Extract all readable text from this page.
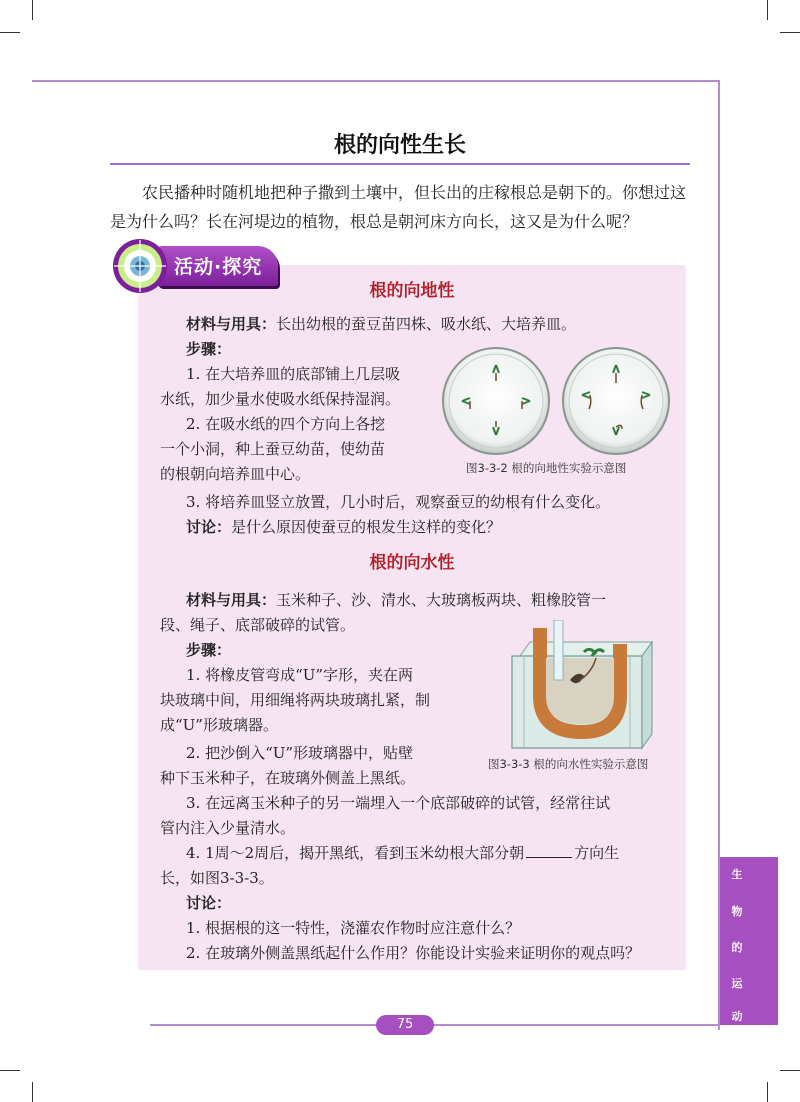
根的向性生长
农民播种时随机地把种子撒到土壤中，但长出的庄稼根总是朝下的。你想过这是为什么吗？长在河堤边的植物，根总是朝河床方向长，这又是为什么呢？
活动·探究
根的向地性
材料与用具：长出幼根的蚕豆苗四株、吸水纸、大培养皿。
步骤：
1. 在大培养皿的底部铺上几层吸
水纸，加少量水使吸水纸保持湿润。
2. 在吸水纸的四个方向上各挖
一个小洞，种上蚕豆幼苗，使幼苗
的根朝向培养皿中心。
3. 将培养皿竖立放置，几小时后，观察蚕豆的幼根有什么变化。
讨论：是什么原因使蚕豆的根发生这样的变化？
图3-3-2 根的向地性实验示意图
根的向水性
材料与用具：玉米种子、沙、清水、大玻璃板两块、粗橡胶管一
段、绳子、底部破碎的试管。
步骤：
1. 将橡皮管弯成“U”字形，夹在两
块玻璃中间，用细绳将两块玻璃扎紧，制
成“U”形玻璃器。
2. 把沙倒入“U”形玻璃器中，贴壁
种下玉米种子，在玻璃外侧盖上黑纸。
3. 在远离玉米种子的另一端埋入一个底部破碎的试管，经常往试
管内注入少量清水。
4. 1周～2周后，揭开黑纸，看到玉米幼根大部分朝	方向生
长，如图3-3-3。
讨论：
1. 根据根的这一特性，浇灌农作物时应注意什么？
2. 在玻璃外侧盖黑纸起什么作用？你能设计实验来证明你的观点吗？
图3-3-3 根的向水性实验示意图
生
物
的
运
动
75
